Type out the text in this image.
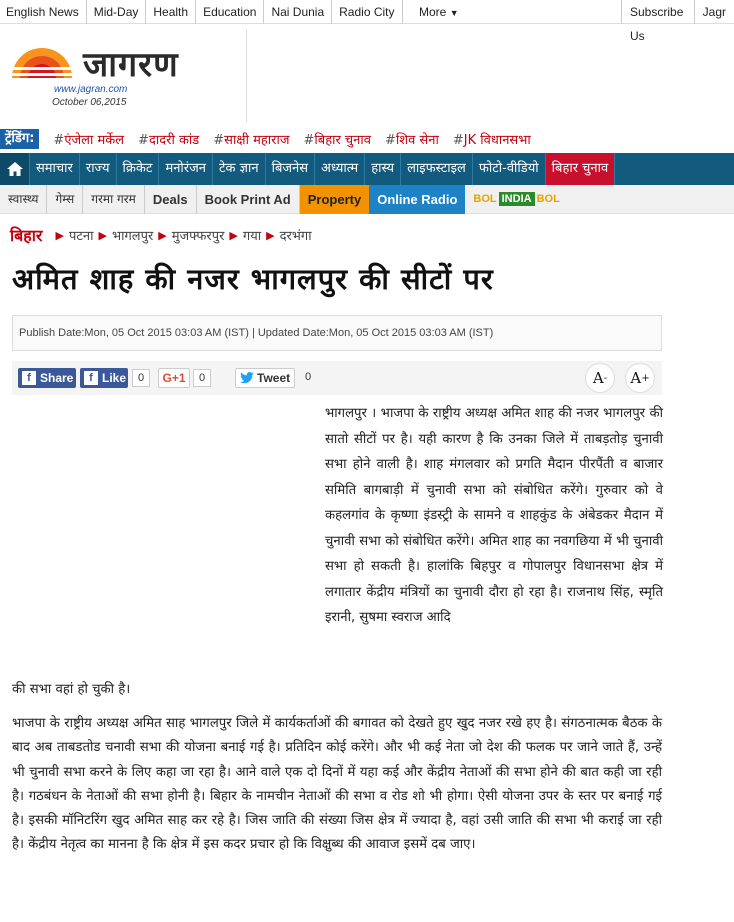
English News	Mid-Day	Health	Education	Nai Dunia	Radio City	More ▼	Subscribe Us
Jagr
जागरण
www.jagran.com
October 06,2015
ट्रेंडिंग:	#एंजेला मर्केल	#दादरी कांड	#साक्षी महाराज	#बिहार चुनाव	#शिव सेना	#JK विधानसभा
समाचार	राज्य	क्रिकेट	मनोरंजन	टेक ज्ञान	बिजनेस	अध्यात्म	हास्य	लाइफस्टाइल	फोटो-वीडियो	बिहार चुनाव
स्वास्थ्य	गेम्स	गरमा गरम	Deals	Book Print Ad	Property	Online Radio	BOL INDIA BOL
बिहार ▶ पटना ▶ भागलपुर ▶ मुजफ्फरपुर ▶ गया ▶ दरभंगा
अमित शाह की नजर भागलपुर की सीटों पर
Publish Date:Mon, 05 Oct 2015 03:03 AM (IST) | Updated Date:Mon, 05 Oct 2015 03:03 AM (IST)
f Share	f Like	0	G+1	0	Tweet	0	A - A +

भागलपुर । भाजपा के राष्ट्रीय अध्यक्ष अमित शाह की नजर भागलपुर की सातो सीटों पर है। यही कारण है कि उनका जिले में ताबड़तोड़ चुनावी सभा होने वाली है। शाह मंगलवार को प्रगति मैदान पीरपैंती व बाजार समिति बागबाड़ी में चुनावी सभा को संबोधित करेंगे। गुरुवार को वे कहलगांव के कृष्णा इंडस्ट्री के सामने व शाहकुंड के अंबेडकर मैदान में चुनावी सभा को संबोधित करेंगे। अमित शाह का नवगछिया में भी चुनावी सभा हो सकती है। हालांकि बिहपुर व गोपालपुर विधानसभा क्षेत्र में लगातार केंद्रीय मंत्रियों का चुनावी दौरा हो रहा है। राजनाथ सिंह, स्मृति इरानी, सुषमा स्वराज आदि

की सभा वहां हो चुकी है।

भाजपा के राष्ट्रीय अध्यक्ष अमित साह भागलपुर जिले में कार्यकर्ताओं की बगावत को देखते हुए खुद नजर रखे हए है। संगठनात्मक बैठक के बाद अब ताबडतोड चनावी सभा की योजना बनाई गई है। प्रतिदिन कोई करेंगे। और भी कई नेता जो देश की फलक पर जाने जाते हैं, उन्हें भी चुनावी सभा करने के लिए कहा जा रहा है। आने वाले एक दो दिनों में यहा कई और केंद्रीय नेताओं की सभा होने की बात कही जा रही है। गठबंधन के नेताओं की सभा होनी है। बिहार के नामचीन नेताओं की सभा व रोड शो भी होगा। ऐसी योजना उपर के स्तर पर बनाई गई है। इसकी मॉनिटरिंग खुद अमित साह कर रहे है। जिस जाति की संख्या जिस क्षेत्र में ज्यादा है, वहां उसी जाति की सभा भी कराई जा रही है। केंद्रीय नेतृत्व का मानना है कि क्षेत्र में इस कदर प्रचार हो कि विक्षुब्ध की आवाज इसमें दब जाए।
